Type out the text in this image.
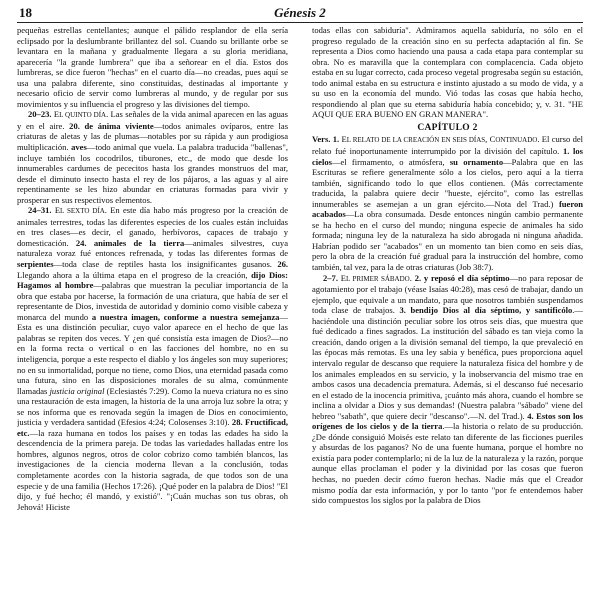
18	Génesis 2

pequeñas estrellas centellantes; aunque el pálido resplandor de ella sería eclipsado por la deslumbrante brillantez del sol. Cuando su brillante orbe se levantara en la mañana y gradualmente llegara a su gloria meridiana, aparecería "la grande lumbrera" que iba a señorear en el día. Estos dos lumbreras, se dice fueron "hechas" en el cuarto día—no creadas, pues aquí se usa una palabra diferente, sino constituidas, destinadas al importante y necesario oficio de servir como lumbreras al mundo, y de regular por sus movimientos y su influencia el progreso y las divisiones del tiempo.

20–23. EL QUINTO DÍA. Las señales de la vida animal aparecen en las aguas y en el aire. 20. de ánima viviente—todos animales ovíparos, entre las criaturas de aletas y las de plumas—notables por su rápida y aun prodigiosa multiplicación. aves—todo animal que vuela. La palabra traducida "ballenas", incluye también los cocodrilos, tiburones, etc., de modo que desde los innumerables cardumes de pececitos hasta los grandes monstruos del mar, desde el diminuto insecto hasta el rey de los pájaros, a las aguas y al aire repentinamente se les hizo abundar en criaturas formadas para vivir y prosperar en sus respectivos elementos.

24–31. EL SEXTO DÍA. En este día habo más progreso por la creación de animales terrestres, todas las diferentes especies de los cuales están incluidas en tres clases—es decir, el ganado, herbívoros, capaces de trabajo y domesticación. 24. animales de la tierra—animales silvestres, cuya naturaleza voraz fué entonces refrenada, y todas las diferentes formas de serpientes—toda clase de reptiles hasta los insignificantes gusanos. 26. Llegando ahora a la última etapa en el progreso de la creación, dijo Dios: Hagamos al hombre—palabras que muestran la peculiar importancia de la obra que estaba por hacerse, la formación de una criatura, que había de ser el representante de Dios, investida de autoridad y dominio como visible cabeza y monarca del mundo a nuestra imagen, conforme a nuestra semejanza—Esta es una distinción peculiar, cuyo valor aparece en el hecho de que las palabras se repiten dos veces. Y ¿en qué consistía esta imagen de Dios?—no en la forma recta o vertical o en las facciones del hombre, no en su inteligencia, porque a este respecto el diablo y los ángeles son muy superiores; no en su inmortalidad, porque no tiene, como Dios, una eternidad pasada como una futura, sino en las disposiciones morales de su alma, comúnmente llamadas justicia original (Eclesiastés 7:29). Como la nueva criatura no es sino una restauración de esta imagen, la historia de la una arroja luz sobre la otra; y se nos informa que es renovada según la imagen de Dios en conocimiento, justicia y verdadera santidad (Efesios 4:24; Colosenses 3:10). 28. Fructificad, etc.—la raza humana en todos los países y en todas las edades ha sido la descendencia de la primera pareja. De todas las variedades halladas entre los hombres, algunos negros, otros de color cobrizo como también blancos, las investigaciones de la ciencia moderna llevan a la conclusión, todas completamente acordes con la historia sagrada, de que todos son de una especie y de una familia (Hechos 17:26). ¡Qué poder en la palabra de Dios! "El dijo, y fué hecho; él mandó, y existió". "¡Cuán muchas son tus obras, oh Jehová! Hiciste

todas ellas con sabiduría". Admiramos aquella sabiduría, no sólo en el progreso regulado de la creación sino en su perfecta adaptación al fin. Se representa a Dios como haciendo una pausa a cada etapa para contemplar su obra. No es maravilla que la contemplara con complacencia. Cada objeto estaba en su lugar correcto, cada proceso vegetal progresaba según su estación, todo animal estaba en su estructura e instinto ajustado a su modo de vida, y a su uso en la economía del mundo. Vió todas las cosas que había hecho, respondiendo al plan que su eterna sabiduría había concebido; y, v. 31. "HE AQUI QUE ERA BUENO EN GRAN MANERA".

CAPÍTULO 2

Vers. 1. EL RELATO DE LA CREACIÓN EN SEIS DÍAS, CONTINUADO. El curso del relato fué inoportunamente interrumpido por la división del capítulo. 1. los cielos—el firmamento, o atmósfera, su ornamento—Palabra que en las Escrituras se refiere generalmente sólo a los cielos, pero aquí a la tierra también, significando todo lo que ellos contienen. (Más correctamente traducida, la palabra quiere decir "hueste, ejército", como las estrellas innumerables se asemejan a un gran ejército.—Nota del Trad.) fueron acabados—La obra consumada. Desde entonces ningún cambio permanente se ha hecho en el curso del mundo; ninguna especie de animales ha sido formada; ninguna ley de la naturaleza ha sido abrogada ni ninguna añadida. Habrían podido ser "acabados" en un momento tan bien como en seis días, pero la obra de la creación fué gradual para la instrucción del hombre, como también, tal vez, para la de otras criaturas (Job 38:7).

2–7. EL PRIMER SÁBADO. 2. y reposó el día séptimo—no para reposar de agotamiento por el trabajo (véase Isaías 40:28), mas cesó de trabajar, dando un ejemplo, que equivale a un mandato, para que nosotros también suspendamos toda clase de trabajos. 3. bendijo Dios al día séptimo, y santificólo.—haciéndole una distinción peculiar sobre los otros seis días, que muestra que fué dedicado a fines sagrados. La institución del sábado es tan vieja como la creación, dando origen a la división semanal del tiempo, la que prevaleció en las épocas más remotas. Es una ley sabia y benéfica, pues proporciona aquel intervalo regular de descanso que requiere la naturaleza física del hombre y de los animales empleados en su servicio, y la inobservancia del mismo trae en ambos casos una decadencia prematura. Además, si el descanso fué necesario en el estado de la inocencia primitiva, ¡cuánto más ahora, cuando el hombre se inclina a olvidar a Dios y sus demandas! (Nuestra palabra "sábado" viene del hebreo "sabath", que quiere decir "descanso".—N. del Trad.). 4. Estos son los orígenes de los cielos y de la tierra.—la historia o relato de su producción. ¿De dónde consiguió Moisés este relato tan diferente de las ficciones pueriles y absurdas de los paganos? No de una fuente humana, porque el hombre no existía para poder contemplarlo; ni de la luz de la naturaleza y la razón, porque aunque ellas proclaman el poder y la divinidad por las cosas que fueron hechas, no pueden decir cómo fueron hechas. Nadie más que el Creador mismo podía dar esta información, y por lo tanto "por fe entendemos haber sido compuestos los siglos por la palabra de Dios
